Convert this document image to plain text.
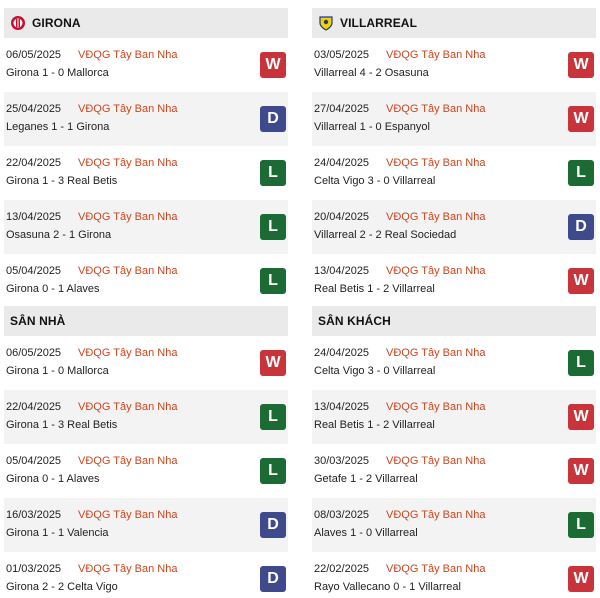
GIRONA
06/05/2025 VĐQG Tây Ban Nha
Girona 1 - 0 Mallorca	W
25/04/2025 VĐQG Tây Ban Nha
Leganes 1 - 1 Girona	D
22/04/2025 VĐQG Tây Ban Nha
Girona 1 - 3 Real Betis	L
13/04/2025 VĐQG Tây Ban Nha
Osasuna 2 - 1 Girona	L
05/04/2025 VĐQG Tây Ban Nha
Girona 0 - 1 Alaves	L
VILLARREAL
03/05/2025 VĐQG Tây Ban Nha
Villarreal 4 - 2 Osasuna	W
27/04/2025 VĐQG Tây Ban Nha
Villarreal 1 - 0 Espanyol	W
24/04/2025 VĐQG Tây Ban Nha
Celta Vigo 3 - 0 Villarreal	L
20/04/2025 VĐQG Tây Ban Nha
Villarreal 2 - 2 Real Sociedad	D
13/04/2025 VĐQG Tây Ban Nha
Real Betis 1 - 2 Villarreal	W
SÂN NHÀ
06/05/2025 VĐQG Tây Ban Nha
Girona 1 - 0 Mallorca	W
22/04/2025 VĐQG Tây Ban Nha
Girona 1 - 3 Real Betis	L
05/04/2025 VĐQG Tây Ban Nha
Girona 0 - 1 Alaves	L
16/03/2025 VĐQG Tây Ban Nha
Girona 1 - 1 Valencia	D
01/03/2025 VĐQG Tây Ban Nha
Girona 2 - 2 Celta Vigo	D
SÂN KHÁCH
24/04/2025 VĐQG Tây Ban Nha
Celta Vigo 3 - 0 Villarreal	L
13/04/2025 VĐQG Tây Ban Nha
Real Betis 1 - 2 Villarreal	W
30/03/2025 VĐQG Tây Ban Nha
Getafe 1 - 2 Villarreal	W
08/03/2025 VĐQG Tây Ban Nha
Alaves 1 - 0 Villarreal	L
22/02/2025 VĐQG Tây Ban Nha
Rayo Vallecano 0 - 1 Villarreal	W
